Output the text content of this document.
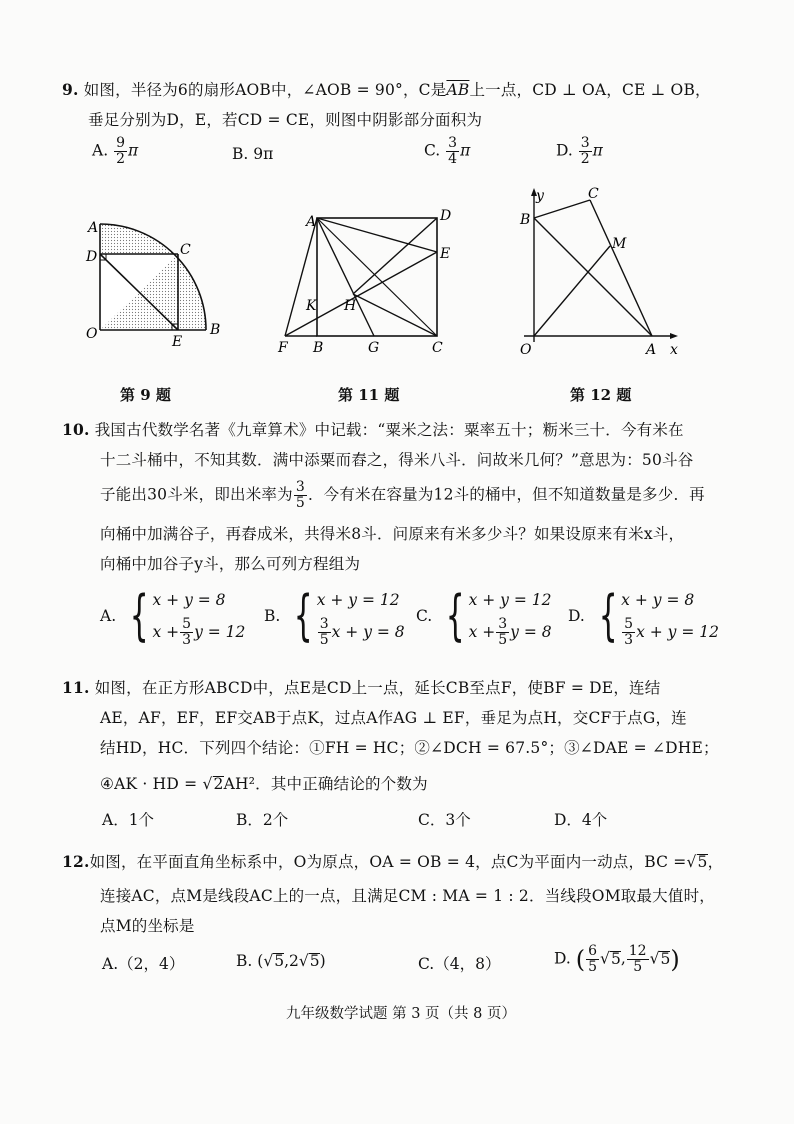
9. 如图，半径为6的扇形AOB中，∠AOB = 90°，C是$\overline{AB}$上一点，CD ⊥ OA，CE ⊥ OB，
垂足分别为D，E，若CD = CE，则图中阴影部分面积为
A. $\frac{9}{2}$ π	B. 9π	C. $\frac{3}{4}$ π	D. $\frac{3}{2}$ π
A
D	C
O	E
B
第 9 题
A	D
E
K H
F B	G	C
第 11 题
y	C
B
M
O	A x
第 12 题
10. 我国古代数学名著《九章算术》中记载：“粟米之法：粟率五十；粝米三十．今有米在
十二斗桶中，不知其数．满中添粟而舂之，得米八斗．问故米几何？”意思为：50斗谷
子能出30斗米，即出米率为 $\frac{3}{5}$ ．今有米在容量为12斗的桶中，但不知道数量是多少．再
向桶中加满谷子，再舂成米，共得米8斗．问原来有米多少斗？如果设原来有米x斗，
向桶中加谷子y斗，那么可列方程组为
A. { x + y = 8
$x + \frac{5}{3}$ y = 12
B. { x + y = 12
$\frac{3}{5}$ x + y = 8
C. { x + y = 12
$x + \frac{3}{5}$ y = 8
D. { x + y = 8
$\frac{5}{3}$ x + y = 12
11. 如图，在正方形ABCD中，点E是CD上一点，延长CB至点F，使BF = DE，连结
AE，AF，EF，EF交AB于点K，过点A作AG ⊥ EF，垂足为点H，交CF于点G，连
结HD，HC．下列四个结论：①FH = HC；②∠DCH = 67.5°；③∠DAE = ∠DHE；
④AK · HD = √2AH²．其中正确结论的个数为
A．1个	B．2个	C．3个	D．4个
12.如图，在平面直角坐标系中，O为原点，OA = OB = 4，点C为平面内一动点，BC =√5，
连接AC，点M是线段AC上的一点，且满足CM : MA = 1 : 2．当线段OM取最大值时，
点M的坐标是
A.（2，4）	B. (√5,2√5)	C.（4，8）	D. ( $\frac{6}{5} √5$, $\frac{12}{5} √5$)
九年级数学试题 第 3 页（共 8 页）
